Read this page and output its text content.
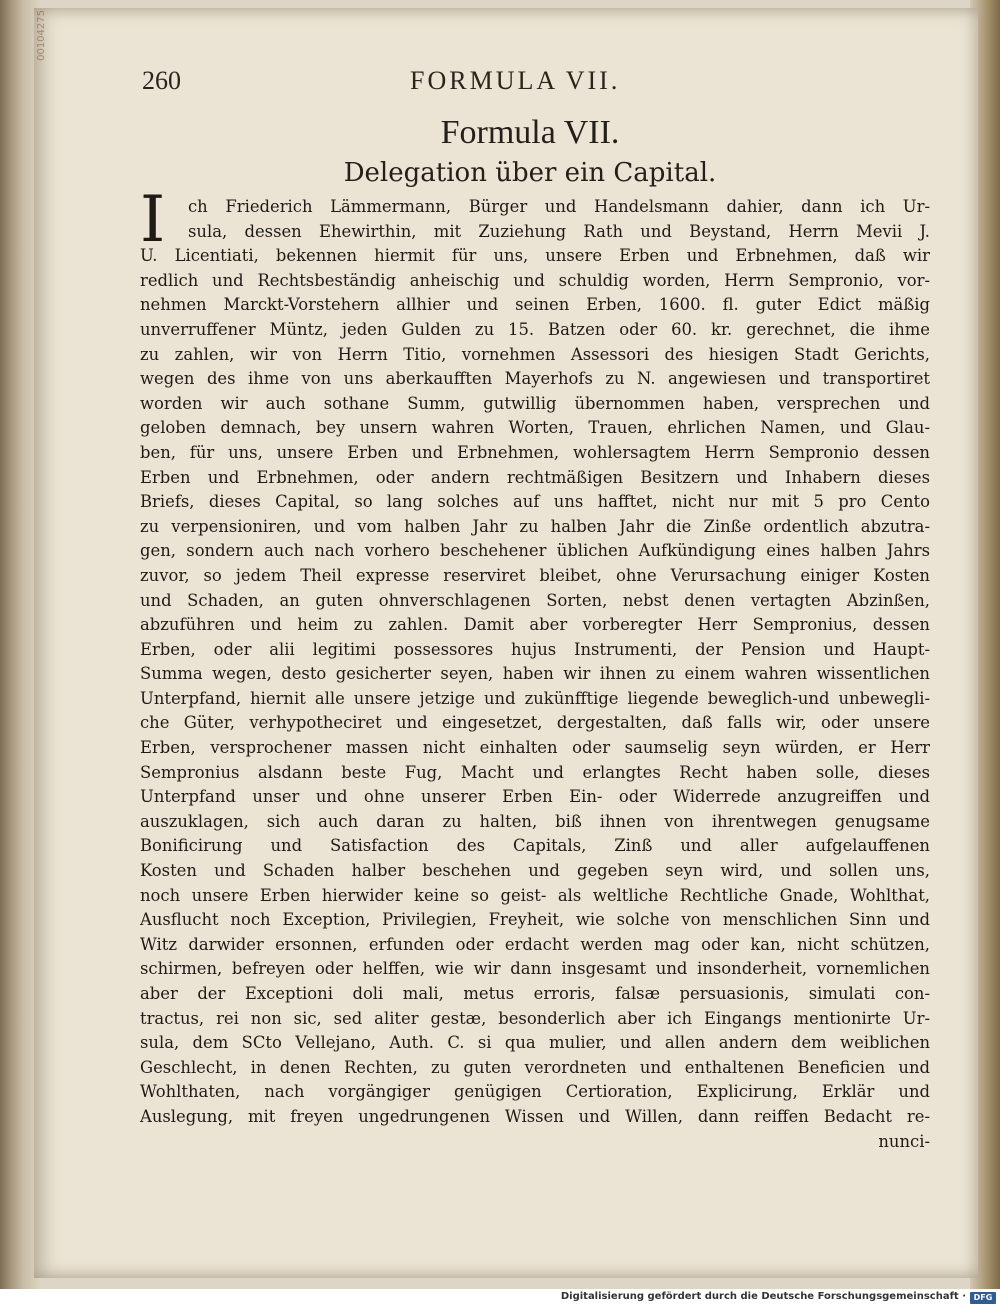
00104275
260	FORMULA VII.
Formula VII.
Delegation über ein Capital.
I	ch Friederich Lämmermann, Bürger und Handelsmann dahier, dann ich Ur-
sula, dessen Ehewirthin, mit Zuziehung Rath und Beystand, Herrn Mevii J.
U. Licentiati, bekennen hiermit für uns, unsere Erben und Erbnehmen, daß wir
redlich und Rechtsbeständig anheischig und schuldig worden, Herrn Sempronio, vor-
nehmen Marckt-Vorstehern allhier und seinen Erben, 1600. fl. guter Edict mäßig
unverruffener Müntz, jeden Gulden zu 15. Batzen oder 60. kr. gerechnet, die ihme
zu zahlen, wir von Herrn Titio, vornehmen Assessori des hiesigen Stadt Gerichts,
wegen des ihme von uns aberkaufften Mayerhofs zu N. angewiesen und transportiret
worden wir auch sothane Summ, gutwillig übernommen haben, versprechen und
geloben demnach, bey unsern wahren Worten, Trauen, ehrlichen Namen, und Glau-
ben, für uns, unsere Erben und Erbnehmen, wohlersagtem Herrn Sempronio dessen
Erben und Erbnehmen, oder andern rechtmäßigen Besitzern und Inhabern dieses
Briefs, dieses Capital, so lang solches auf uns hafftet, nicht nur mit 5 pro Cento
zu verpensioniren, und vom halben Jahr zu halben Jahr die Zinße ordentlich abzutra-
gen, sondern auch nach vorhero beschehener üblichen Aufkündigung eines halben Jahrs
zuvor, so jedem Theil expresse reserviret bleibet, ohne Verursachung einiger Kosten
und Schaden, an guten ohnverschlagenen Sorten, nebst denen vertagten Abzinßen,
abzuführen und heim zu zahlen. Damit aber vorberegter Herr Sempronius, dessen
Erben, oder alii legitimi possessores hujus Instrumenti, der Pension und Haupt-
Summa wegen, desto gesicherter seyen, haben wir ihnen zu einem wahren wissentlichen
Unterpfand, hiernit alle unsere jetzige und zukünfftige liegende beweglich-und unbewegli-
che Güter, verhypotheciret und eingesetzet, dergestalten, daß falls wir, oder unsere
Erben, versprochener massen nicht einhalten oder saumselig seyn würden, er Herr
Sempronius alsdann beste Fug, Macht und erlangtes Recht haben solle, dieses
Unterpfand unser und ohne unserer Erben Ein- oder Widerrede anzugreiffen und
auszuklagen, sich auch daran zu halten, biß ihnen von ihrentwegen genugsame
Bonificirung und Satisfaction des Capitals, Zinß und aller aufgelauffenen
Kosten und Schaden halber beschehen und gegeben seyn wird, und sollen uns,
noch unsere Erben hierwider keine so geist- als weltliche Rechtliche Gnade, Wohlthat,
Ausflucht noch Exception, Privilegien, Freyheit, wie solche von menschlichen Sinn und
Witz darwider ersonnen, erfunden oder erdacht werden mag oder kan, nicht schützen,
schirmen, befreyen oder helffen, wie wir dann insgesamt und insonderheit, vornemlichen
aber der Exceptioni doli mali, metus erroris, falsæ persuasionis, simulati con-
tractus, rei non sic, sed aliter gestæ, besonderlich aber ich Eingangs mentionirte Ur-
sula, dem SCto Vellejano, Auth. C. si qua mulier, und allen andern dem weiblichen
Geschlecht, in denen Rechten, zu guten verordneten und enthaltenen Beneficien und
Wohlthaten, nach vorgängiger genügigen Certioration, Explicirung, Erklär und
Auslegung, mit freyen ungedrungenen Wissen und Willen, dann reiffen Bedacht re-
nunci-
Digitalisierung gefördert durch die Deutsche Forschungsgemeinschaft · DFG
